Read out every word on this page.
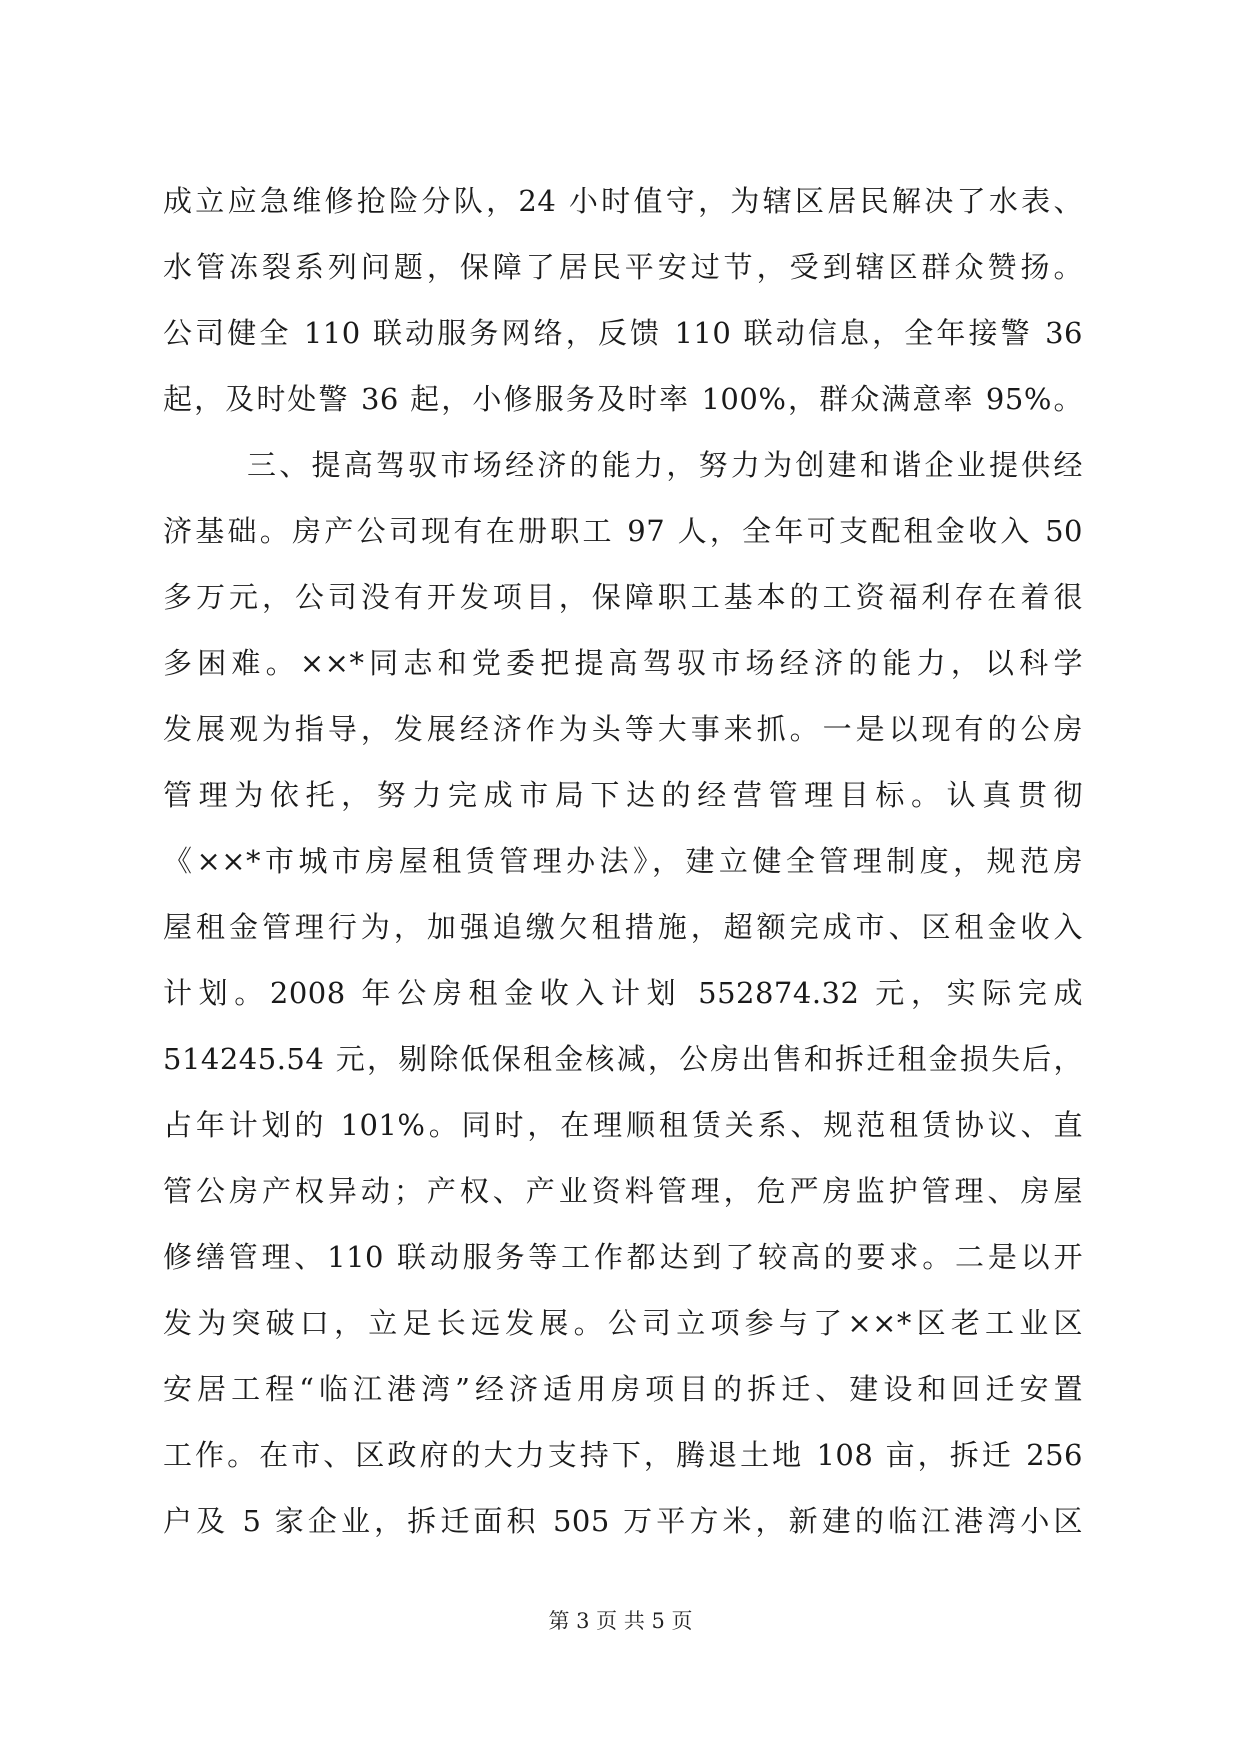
成立应急维修抢险分队，24 小时值守，为辖区居民解决了水表、
水管冻裂系列问题，保障了居民平安过节，受到辖区群众赞扬。
公司健全 110 联动服务网络，反馈 110 联动信息，全年接警 36
起，及时处警 36 起，小修服务及时率 100%，群众满意率 95%。
三、提高驾驭市场经济的能力，努力为创建和谐企业提供经
济基础。房产公司现有在册职工 97 人，全年可支配租金收入 50
多万元，公司没有开发项目，保障职工基本的工资福利存在着很
多困难。××*同志和党委把提高驾驭市场经济的能力，以科学
发展观为指导，发展经济作为头等大事来抓。一是以现有的公房
管理为依托，努力完成市局下达的经营管理目标。认真贯彻
《××*市城市房屋租赁管理办法》，建立健全管理制度，规范房
屋租金管理行为，加强追缴欠租措施，超额完成市、区租金收入
计划。2008 年公房租金收入计划 552874.32 元，实际完成
514245.54 元，剔除低保租金核减，公房出售和拆迁租金损失后，
占年计划的 101%。同时，在理顺租赁关系、规范租赁协议、直
管公房产权异动；产权、产业资料管理，危严房监护管理、房屋
修缮管理、110 联动服务等工作都达到了较高的要求。二是以开
发为突破口，立足长远发展。公司立项参与了××*区老工业区
安居工程“临江港湾”经济适用房项目的拆迁、建设和回迁安置
工作。在市、区政府的大力支持下，腾退土地 108 亩，拆迁 256
户及 5 家企业，拆迁面积 505 万平方米，新建的临江港湾小区
第 3 页 共 5 页
